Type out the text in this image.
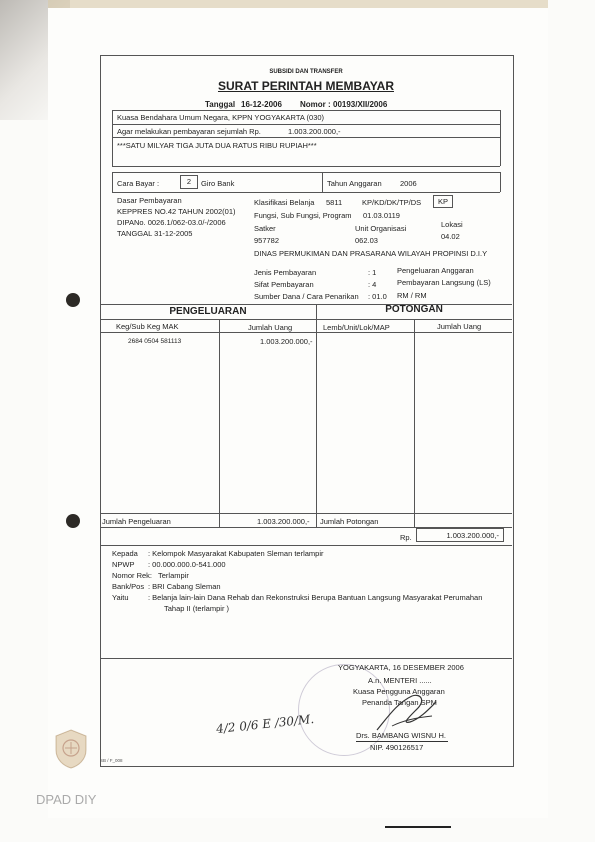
SUBSIDI DAN TRANSFER
SURAT PERINTAH MEMBAYAR
Tanggal 16-12-2006 Nomor : 00193/XII/2006
Kuasa Bendahara Umum Negara, KPPN YOGYAKARTA (030)
Agar melakukan pembayaran sejumlah Rp.	1.003.200.000,-
***SATU MILYAR TIGA JUTA DUA RATUS RIBU RUPIAH***
Cara Bayar :	2	Giro Bank	Tahun Anggaran 2006
Dasar Pembayaran
KEPPRES NO.42 TAHUN 2002(01)
DIPANo. 0026.1/062-03.0/-/2006
TANGGAL 31-12-2005
Klasifikasi Belanja 5811	KP/KD/DK/TP/DS	KP
Fungsi, Sub Fungsi, Program 01.03.0119
Satker	Unit Organisasi	Lokasi
957782	062.03	04.02
DINAS PERMUKIMAN DAN PRASARANA WILAYAH PROPINSI D.I.Y
Jenis Pembayaran	: 1	Pengeluaran Anggaran
Sifat Pembayaran	: 4	Pembayaran Langsung (LS)
Sumber Dana / Cara Penarikan : 01.0 RM / RM
PENGELUARAN	POTONGAN
Keg/Sub Keg MAK	Jumlah Uang	Lemb/Unit/Lok/MAP	Jumlah Uang
2684 0504 581113	1.003.200.000,-
Jumlah Pengeluaran	1.003.200.000,- Jumlah Potongan
Rp.	1.003.200.000,-
Kepada : Kelompok Masyarakat Kabupaten Sleman terlampir
NPWP : 00.000.000.0-541.000
Nomor Rek: Terlampir
Bank/Pos : BRI Cabang Sleman
Yaitu	: Belanja lain-lain Dana Rehab dan Rekonstruksi Berupa Bantuan Langsung Masyarakat Perumahan
Tahap II (terlampir )
YOGYAKARTA, 16 DESEMBER 2006
A.n. MENTERI ......
Kuasa Pengguna Anggaran
Penanda Tangan SPM
Drs. BAMBANG WISNU H.
NIP. 490126517
4/2 0/6 E /30/M.
SB / F_008
DPAD DIY
